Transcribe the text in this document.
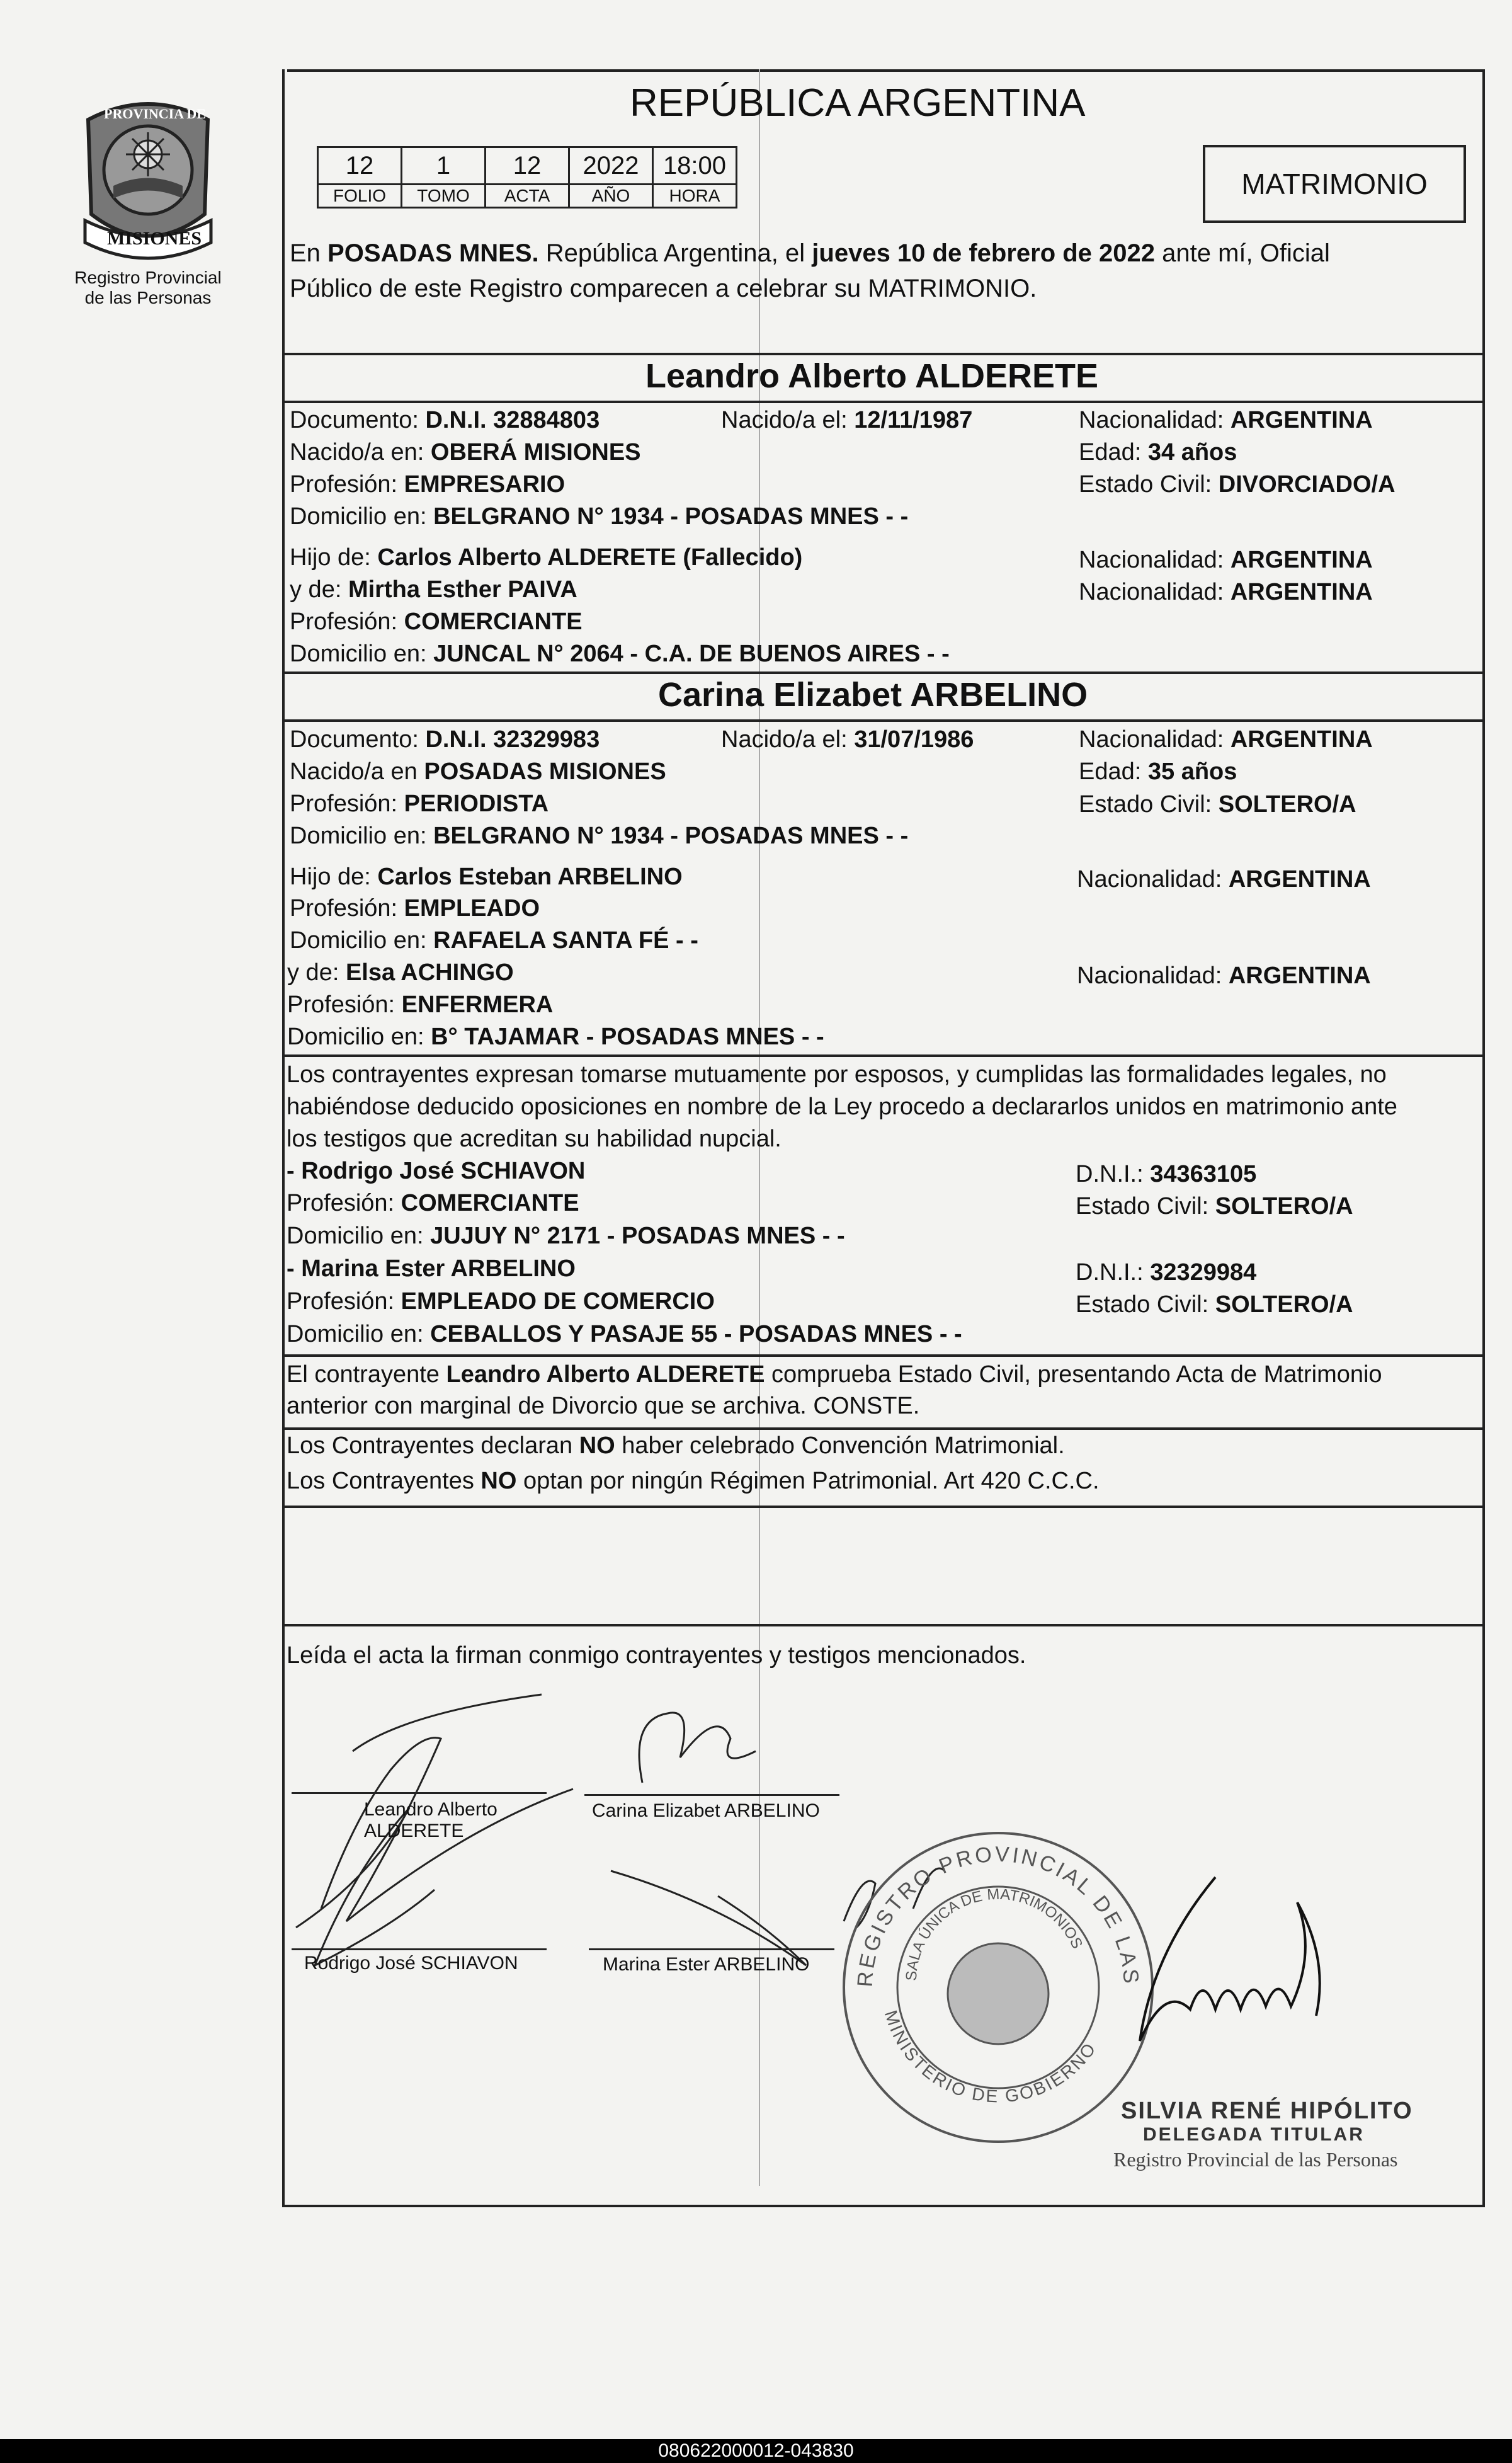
PROVINCIA DE
MISIONES
Registro Provincial
de las Personas
REPÚBLICA ARGENTINA
12	1	12	2022	18:00
FOLIO	TOMO	ACTA	AÑO	HORA	MATRIMONIO
En POSADAS MNES. República Argentina, el jueves 10 de febrero de 2022 ante mí, Oficial
Público de este Registro comparecen a celebrar su MATRIMONIO.
Leandro Alberto ALDERETE
Documento: D.N.I. 32884803	Nacido/a el: 12/11/1987	Nacionalidad: ARGENTINA
Nacido/a en: OBERÁ MISIONES	Edad: 34 años
Profesión: EMPRESARIO	Estado Civil: DIVORCIADO/A
Domicilio en: BELGRANO N° 1934 - POSADAS MNES - -
Hijo de: Carlos Alberto ALDERETE (Fallecido)	Nacionalidad: ARGENTINA
y de: Mirtha Esther PAIVA	Nacionalidad: ARGENTINA
Profesión: COMERCIANTE
Domicilio en: JUNCAL N° 2064 - C.A. DE BUENOS AIRES - -
Carina Elizabet ARBELINO
Documento: D.N.I. 32329983	Nacido/a el: 31/07/1986	Nacionalidad: ARGENTINA
Nacido/a en POSADAS MISIONES	Edad: 35 años
Profesión: PERIODISTA	Estado Civil: SOLTERO/A
Domicilio en: BELGRANO N° 1934 - POSADAS MNES - -
Hijo de: Carlos Esteban ARBELINO	Nacionalidad: ARGENTINA
Profesión: EMPLEADO
Domicilio en: RAFAELA SANTA FÉ - -
y de: Elsa ACHINGO	Nacionalidad: ARGENTINA
Profesión: ENFERMERA
Domicilio en: B° TAJAMAR - POSADAS MNES - -
Los contrayentes expresan tomarse mutuamente por esposos, y cumplidas las formalidades legales, no
habiéndose deducido oposiciones en nombre de la Ley procedo a declararlos unidos en matrimonio ante
los testigos que acreditan su habilidad nupcial.
- Rodrigo José SCHIAVON	D.N.I.: 34363105
Profesión: COMERCIANTE	Estado Civil: SOLTERO/A
Domicilio en: JUJUY N° 2171 - POSADAS MNES - -
- Marina Ester ARBELINO	D.N.I.: 32329984
Profesión: EMPLEADO DE COMERCIO	Estado Civil: SOLTERO/A
Domicilio en: CEBALLOS Y PASAJE 55 - POSADAS MNES - -
El contrayente Leandro Alberto ALDERETE comprueba Estado Civil, presentando Acta de Matrimonio
anterior con marginal de Divorcio que se archiva. CONSTE.
Los Contrayentes declaran NO haber celebrado Convención Matrimonial.
Los Contrayentes NO optan por ningún Régimen Patrimonial. Art 420 C.C.C.
Leída el acta la firman conmigo contrayentes y testigos mencionados.
Leandro Alberto
ALDERETE
Carina Elizabet ARBELINO
Rodrigo José SCHIAVON	Marina Ester ARBELINO
REGISTRO PROVINCIAL DE LAS
SALA ÚNICA DE MATRIMONIOS
MINISTERIO DE GOBIERNO
SILVIA RENÉ HIPÓLITO
DELEGADA TITULAR
Registro Provincial de las Personas
080622000012-043830
